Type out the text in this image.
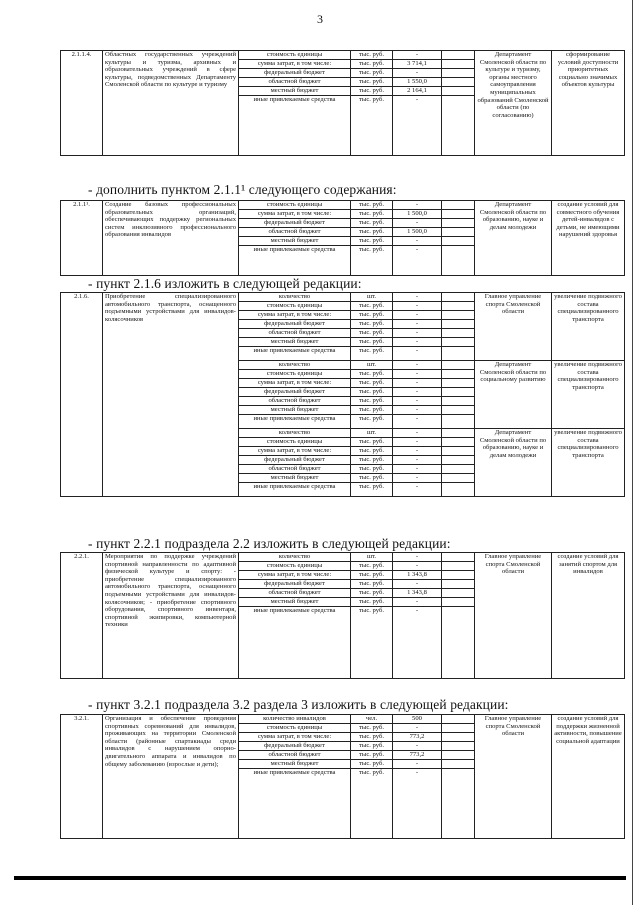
3
2.1.1.4.	Областных государственных учреждений культуры и туризма, архивных и образовательных учреждений в сфере культуры, подведомственных Департаменту Смоленской области по культуре и туризму	стоимость единицы	тыс. руб.	-		Департамент Смоленской области по культуре и туризму, органы местного самоуправления муниципальных образований Смоленской области (по согласованию)	сформирование условий доступности приоритетных социально значимых объектов культуры
		сумма затрат, в том числе:	тыс. руб.	3 714,1			
		федеральный бюджет	тыс. руб.	-			
		областной бюджет	тыс. руб.	1 550,0			
		местный бюджет	тыс. руб.	2 164,1			
		иные привлекаемые средства	тыс. руб.	-			
- дополнить пунктом 2.1.1¹ следующего содержания:
2.1.1¹.	Создание базовых профессиональных образовательных организаций, обеспечивающих поддержку региональных систем инклюзивного профессионального образования инвалидов	стоимость единицы	тыс. руб.	-		Департамент Смоленской области по образованию, науке и делам молодежи	создание условий для совместного обучения детей-инвалидов с детьми, не имеющими нарушений здоровья
		сумма затрат, в том числе:	тыс. руб.	1 500,0			
		федеральный бюджет	тыс. руб.	-			
		областной бюджет	тыс. руб.	1 500,0			
		местный бюджет	тыс. руб.	-			
		иные привлекаемые средства	тыс. руб.	-			
- пункт 2.1.6 изложить в следующей редакции:
2.1.6.	Приобретение специализированного автомобильного транспорта, оснащенного подъемными устройствами для инвалидов-колясочников	количество	шт.	-		Главное управление спорта Смоленской области	увеличение подвижного состава специализированного транспорта
		стоимость единицы	тыс. руб.	-			
		сумма затрат, в том числе:	тыс. руб.	-			
		федеральный бюджет	тыс. руб.	-			
		областной бюджет	тыс. руб.	-			
		местный бюджет	тыс. руб.	-			
		иные привлекаемые средства	тыс. руб.	-			
		количество	шт.	-		Департамент Смоленской области по социальному развитию	увеличение подвижного состава специализированного транспорта
		стоимость единицы	тыс. руб.	-			
		сумма затрат, в том числе:	тыс. руб.	-			
		федеральный бюджет	тыс. руб.	-			
		областной бюджет	тыс. руб.	-			
		местный бюджет	тыс. руб.	-			
		иные привлекаемые средства	тыс. руб.	-			
		количество	шт.	-		Департамент Смоленской области по образованию, науке и делам молодежи	увеличение подвижного состава специализированного транспорта
		стоимость единицы	тыс. руб.	-			
		сумма затрат, в том числе:	тыс. руб.	-			
		федеральный бюджет	тыс. руб.	-			
		областной бюджет	тыс. руб.	-			
		местный бюджет	тыс. руб.	-			
		иные привлекаемые средства	тыс. руб.	-			
- пункт 2.2.1 подраздела 2.2 изложить в следующей редакции:
2.2.1.	Мероприятия по поддержке учреждений спортивной направленности по адаптивной физической культуре и спорту: - приобретение специализированного автомобильного транспорта, оснащенного подъемными устройствами для инвалидов-колясочников; - приобретение спортивного оборудования, спортивного инвентаря, спортивной экипировки, компьютерной техники	количество	шт.	-		Главное управление спорта Смоленской области	создание условий для занятий спортом для инвалидов
		стоимость единицы	тыс. руб.	-			
		сумма затрат, в том числе:	тыс. руб.	1 343,8			
		федеральный бюджет	тыс. руб.	-			
		областной бюджет	тыс. руб.	1 343,8			
		местный бюджет	тыс. руб.	-			
		иные привлекаемые средства	тыс. руб.	-			
- пункт 3.2.1 подраздела 3.2 раздела 3 изложить в следующей редакции:
3.2.1.	Организация и обеспечение проведения спортивных соревнований для инвалидов, проживающих на территории Смоленской области (районные спартакиады среди инвалидов с нарушением опорно-двигательного аппарата и инвалидов по общему заболеванию (взрослые и дети);	количество инвалидов	чел.	500		Главное управление спорта Смоленской области	создание условий для поддержки жизненной активности, повышение социальной адаптации
		стоимость единицы	тыс. руб.	-			
		сумма затрат, в том числе:	тыс. руб.	773,2			
		федеральный бюджет	тыс. руб.	-			
		областной бюджет	тыс. руб.	773,2			
		местный бюджет	тыс. руб.	-			
		иные привлекаемые средства	тыс. руб.	-			
